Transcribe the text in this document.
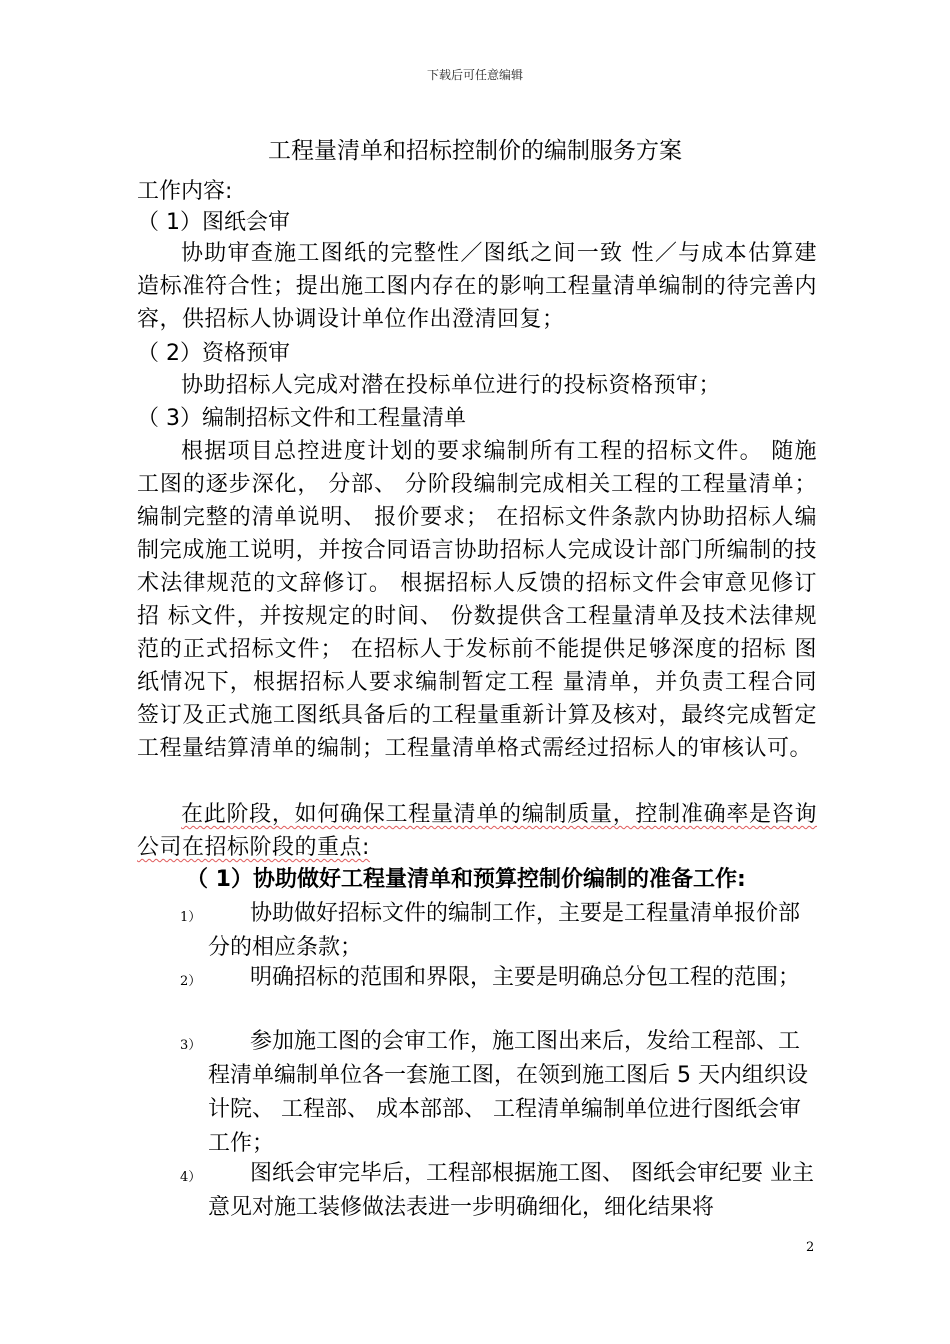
下载后可任意编辑
工程量清单和招标控制价的编制服务方案
工作内容:
（ 1）图纸会审
协助审查施工图纸的完整性／图纸之间一致 性／与成本估算建造标准符合性；提出施工图内存在的影响工程量清单编制的待完善内容，供招标人协调设计单位作出澄清回复；
（ 2）资格预审
协助招标人完成对潜在投标单位进行的投标资格预审；
（ 3）编制招标文件和工程量清单
根据项目总控进度计划的要求编制所有工程的招标文件。 随施工图的逐步深化， 分部、 分阶段编制完成相关工程的工程量清单； 编制完整的清单说明、 报价要求； 在招标文件条款内协助招标人编制完成施工说明，并按合同语言协助招标人完成设计部门所编制的技术法律规范的文辞修订。 根据招标人反馈的招标文件会审意见修订招 标文件，并按规定的时间、 份数提供含工程量清单及技术法律规范的正式招标文件； 在招标人于发标前不能提供足够深度的招标 图纸情况下，根据招标人要求编制暂定工程 量清单，并负责工程合同签订及正式施工图纸具备后的工程量重新计算及核对，最终完成暂定工程量结算清单的编制；工程量清单格式需经过招标人的审核认可。
在此阶段，如何确保工程量清单的编制质量，控制准确率是咨询公司在招标阶段的重点:
（ 1）协助做好工程量清单和预算控制价编制的准备工作:
1）	协助做好招标文件的编制工作，主要是工程量清单报价部分的相应条款；
2）	明确招标的范围和界限，主要是明确总分包工程的范围；
3）	参加施工图的会审工作，施工图出来后，发给工程部、工程清单编制单位各一套施工图，在领到施工图后 5 天内组织设计院、 工程部、 成本部部、 工程清单编制单位进行图纸会审工作；
4）	图纸会审完毕后，工程部根据施工图、 图纸会审纪要 业主意见对施工装修做法表进一步明确细化，细化结果将
2
